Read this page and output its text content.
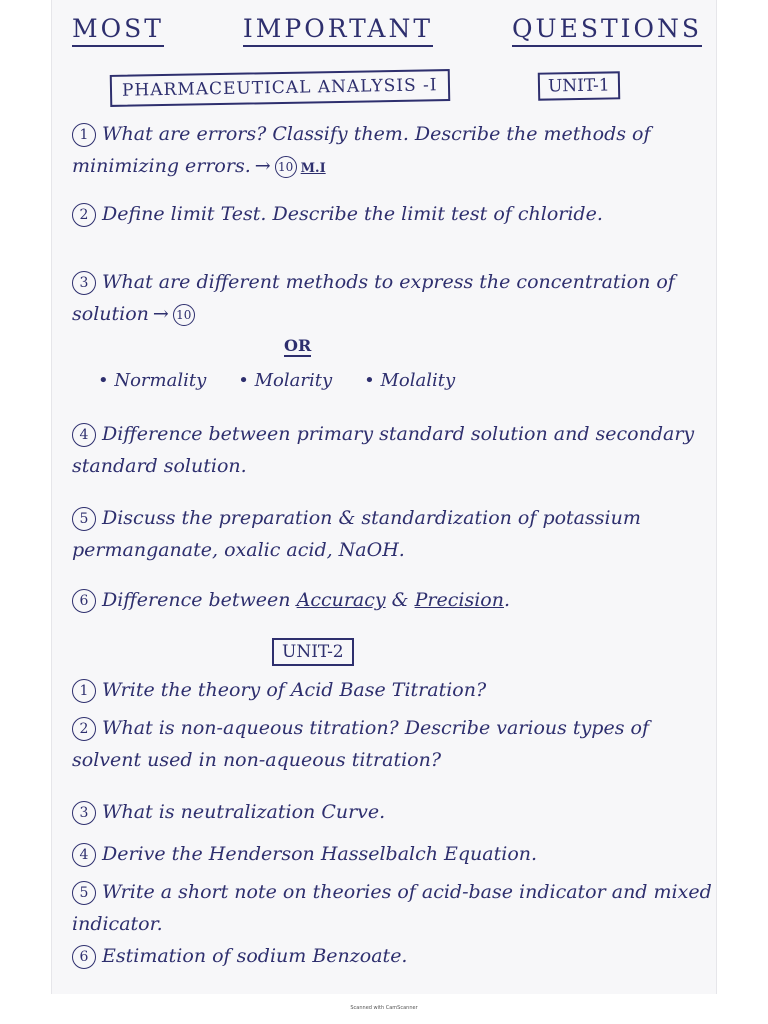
MOST	IMPORTANT	QUESTIONS
PHARMACEUTICAL ANALYSIS -I	UNIT-1
1 What are errors? Classify them. Describe the methods of minimizing errors. → 10 M.I
2 Define limit Test. Describe the limit test of chloride.
3 What are different methods to express the concentration of solution → 10
OR
• Normality • Molarity • Molality
4 Difference between primary standard solution and secondary standard solution.
5 Discuss the preparation & standardization of potassium permanganate, oxalic acid, NaOH.
6 Difference between Accuracy & Precision.
UNIT-2
1 Write the theory of Acid Base Titration?
2 What is non-aqueous titration? Describe various types of solvent used in non-aqueous titration?
3 What is neutralization Curve.
4 Derive the Henderson Hasselbalch Equation.
5 Write a short note on theories of acid-base indicator and mixed indicator.
6 Estimation of sodium Benzoate.
Scanned with CamScanner
